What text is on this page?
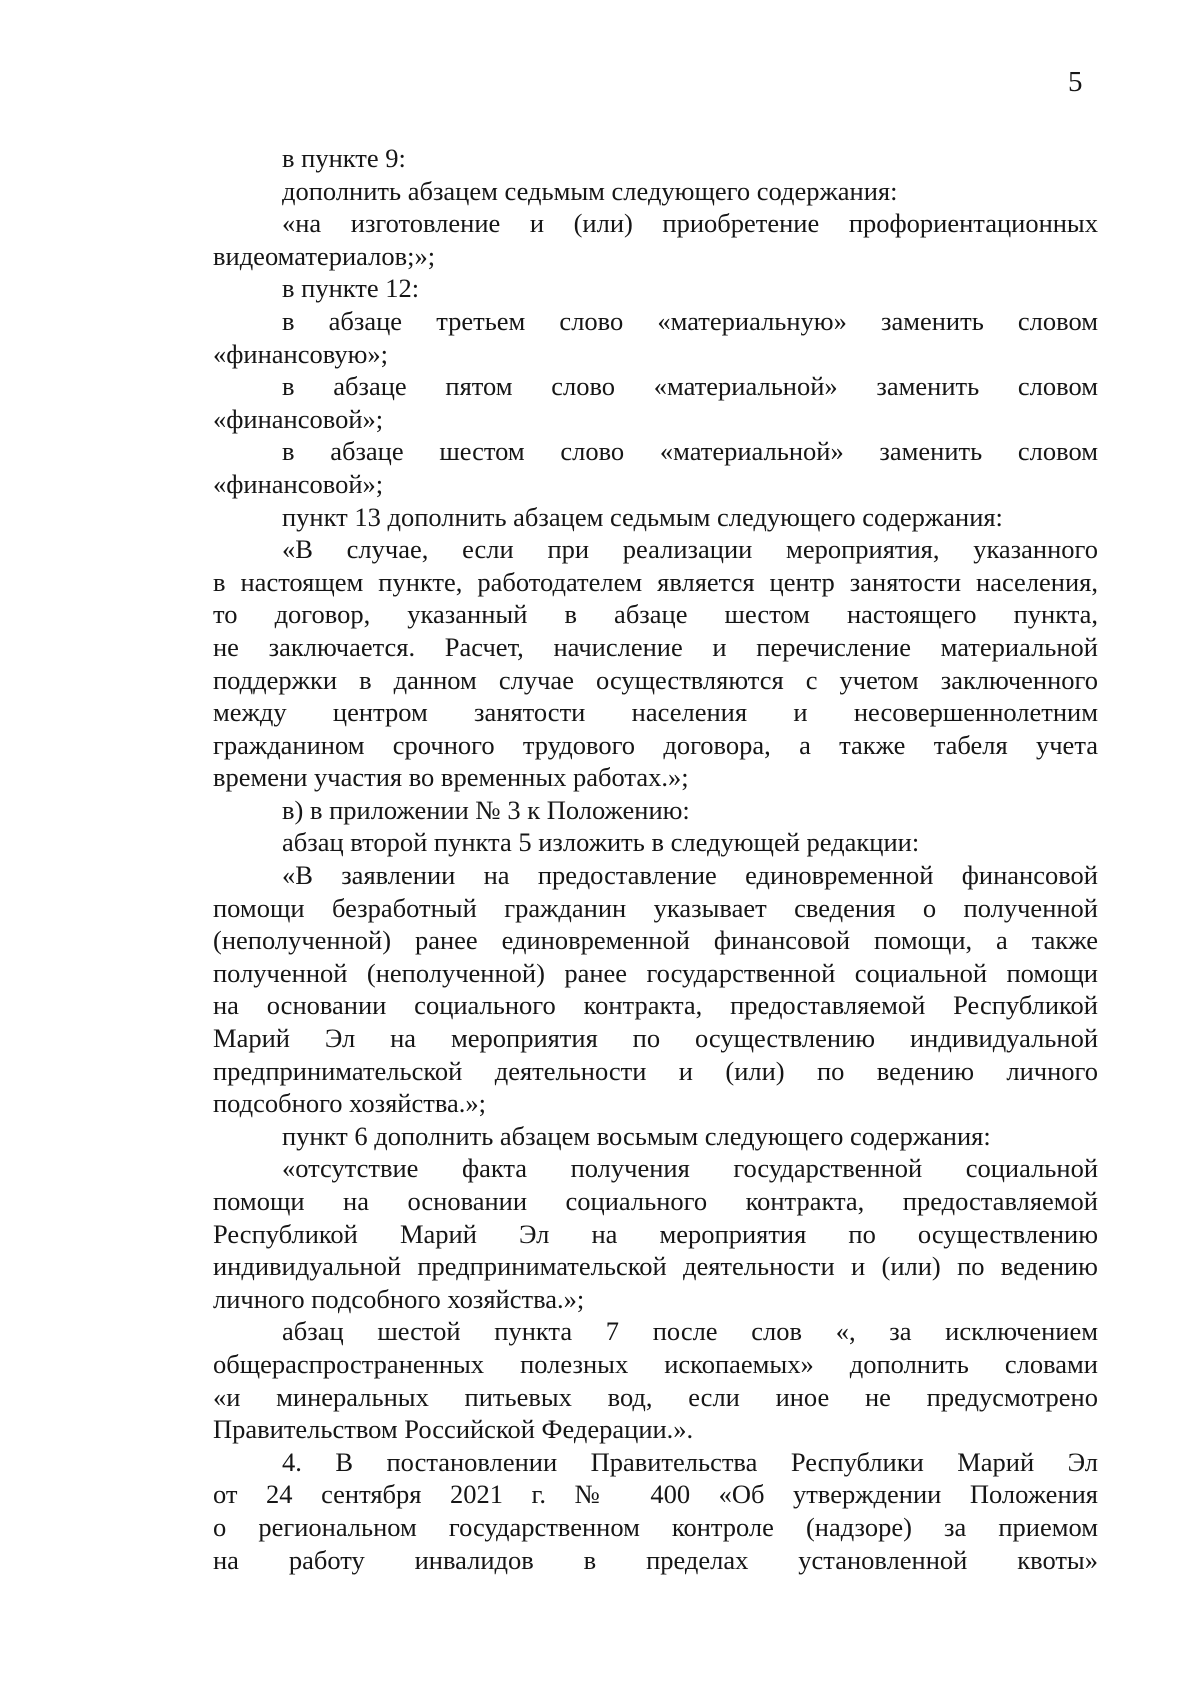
5
в пункте 9:
дополнить абзацем седьмым следующего содержания:
«на изготовление и (или) приобретение профориентационных
видеоматериалов;»;
в пункте 12:
в абзаце третьем слово «материальную» заменить словом
«финансовую»;
в абзаце пятом слово «материальной» заменить словом
«финансовой»;
в абзаце шестом слово «материальной» заменить словом
«финансовой»;
пункт 13 дополнить абзацем седьмым следующего содержания:
«В случае, если при реализации мероприятия, указанного
в настоящем пункте, работодателем является центр занятости населения,
то договор, указанный в абзаце шестом настоящего пункта,
не заключается. Расчет, начисление и перечисление материальной
поддержки в данном случае осуществляются с учетом заключенного
между центром занятости населения и несовершеннолетним
гражданином срочного трудового договора, а также табеля учета
времени участия во временных работах.»;
в) в приложении № 3 к Положению:
абзац второй пункта 5 изложить в следующей редакции:
«В заявлении на предоставление единовременной финансовой
помощи безработный гражданин указывает сведения о полученной
(неполученной) ранее единовременной финансовой помощи, а также
полученной (неполученной) ранее государственной социальной помощи
на основании социального контракта, предоставляемой Республикой
Марий Эл на мероприятия по осуществлению индивидуальной
предпринимательской деятельности и (или) по ведению личного
подсобного хозяйства.»;
пункт 6 дополнить абзацем восьмым следующего содержания:
«отсутствие факта получения государственной социальной
помощи на основании социального контракта, предоставляемой
Республикой Марий Эл на мероприятия по осуществлению
индивидуальной предпринимательской деятельности и (или) по ведению
личного подсобного хозяйства.»;
абзац шестой пункта 7 после слов «, за исключением
общераспространенных полезных ископаемых» дополнить словами
«и минеральных питьевых вод, если иное не предусмотрено
Правительством Российской Федерации.».
4. В постановлении Правительства Республики Марий Эл
от 24 сентября 2021 г. № 400 «Об утверждении Положения
о региональном государственном контроле (надзоре) за приемом
на работу инвалидов в пределах установленной квоты»
